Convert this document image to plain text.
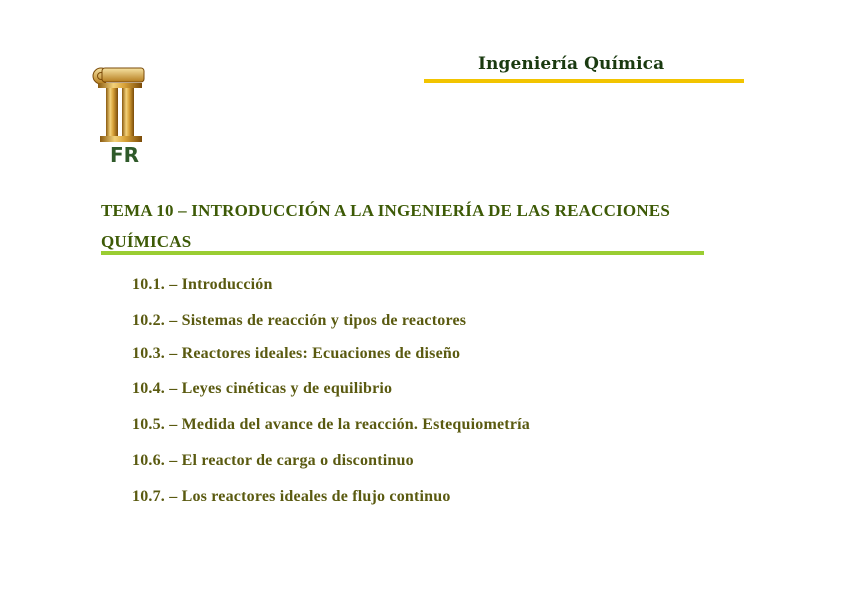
Ingeniería Química
FR
TEMA 10 – INTRODUCCIÓN A LA INGENIERÍA DE LAS REACCIONES
QUÍMICAS
10.1. – Introducción
10.2. – Sistemas de reacción y tipos de reactores
10.3. – Reactores ideales: Ecuaciones de diseño
10.4. – Leyes cinéticas y de equilibrio
10.5. – Medida del avance de la reacción. Estequiometría
10.6. – El reactor de carga o discontinuo
10.7. – Los reactores ideales de flujo continuo
